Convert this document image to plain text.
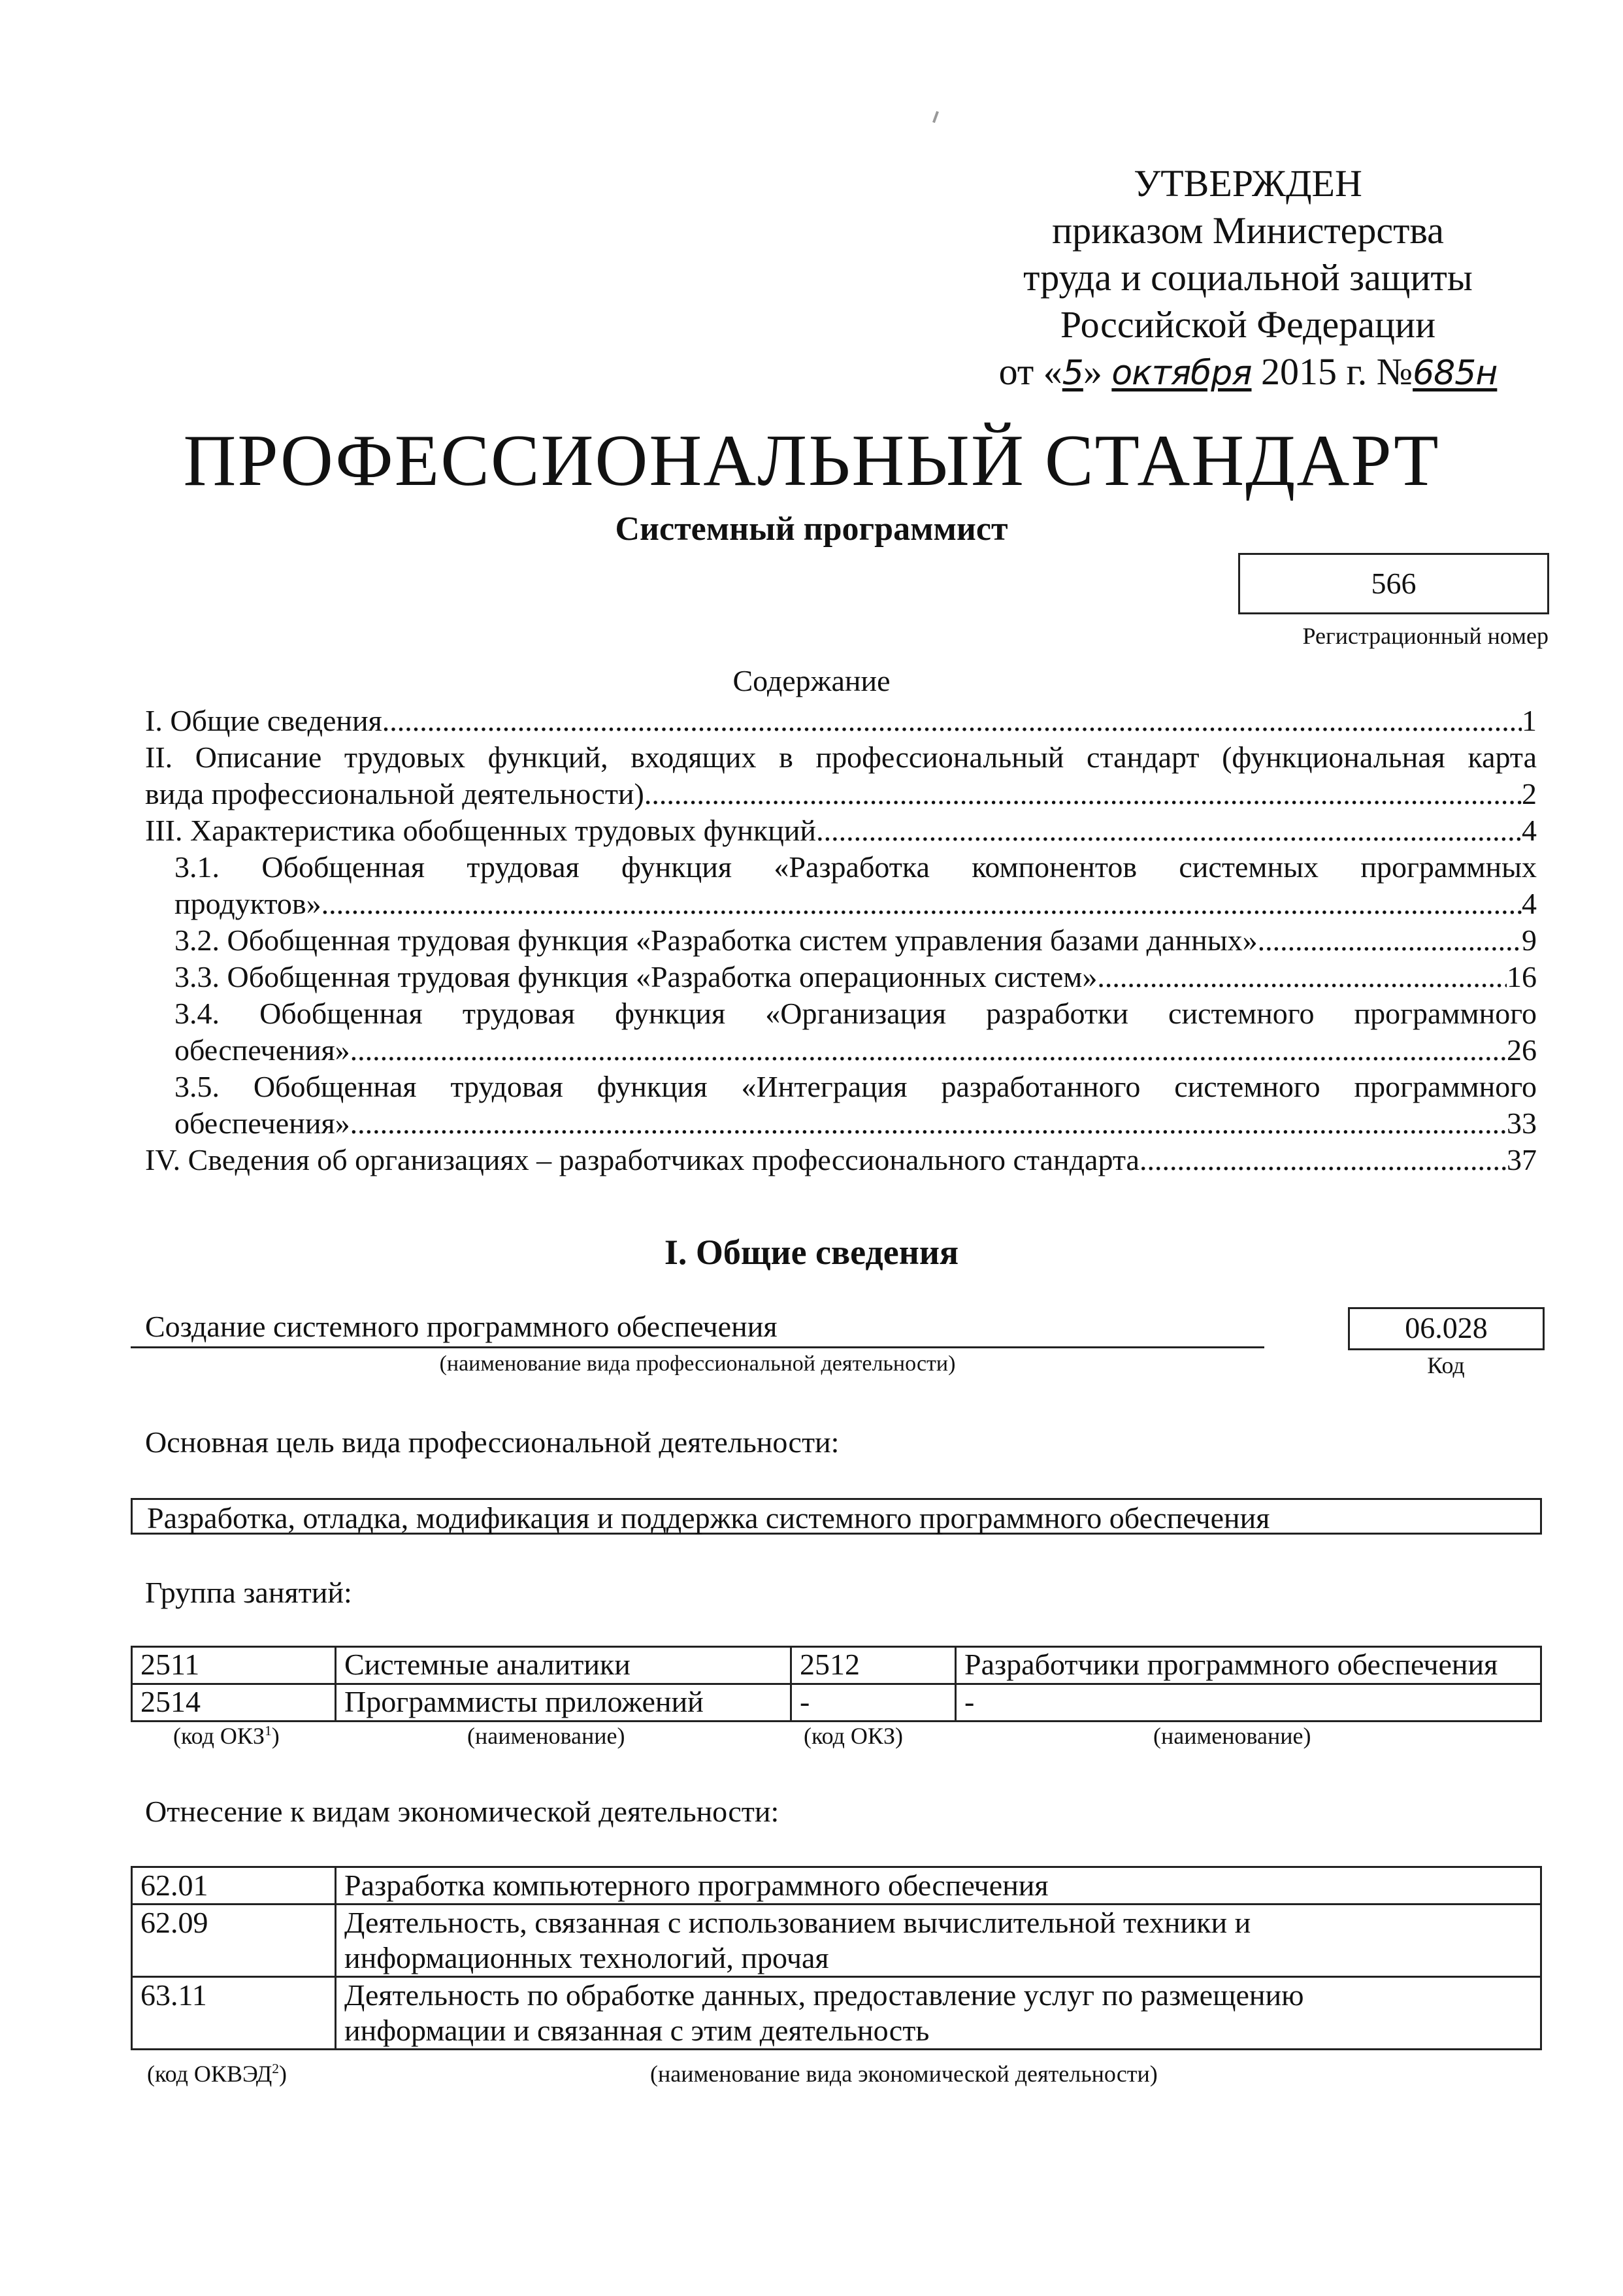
УТВЕРЖДЕН
приказом Министерства
труда и социальной защиты
Российской Федерации
от «5» октября 2015 г. №685н
ПРОФЕССИОНАЛЬНЫЙ СТАНДАРТ
Системный программист
566
Регистрационный номер
Содержание
I. Общие сведения .....	1
II. Описание трудовых функций, входящих в профессиональный стандарт (функциональная карта
вида профессиональной деятельности) .....	2
III. Характеристика обобщенных трудовых функций .....	4
3.1. Обобщенная трудовая функция «Разработка компонентов системных программных
продуктов» .....	4
3.2. Обобщенная трудовая функция «Разработка систем управления базами данных» .....	9
3.3. Обобщенная трудовая функция «Разработка операционных систем» .....	16
3.4. Обобщенная трудовая функция «Организация разработки системного программного
обеспечения» .....	26
3.5. Обобщенная трудовая функция «Интеграция разработанного системного программного
обеспечения» .....	33
IV. Сведения об организациях – разработчиках профессионального стандарта .....	37
I. Общие сведения
Создание системного программного обеспечения
(наименование вида профессиональной деятельности)
06.028
Код
Основная цель вида профессиональной деятельности:
Разработка, отладка, модификация и поддержка системного программного обеспечения
Группа занятий:
2511	Системные аналитики	2512	Разработчики программного обеспечения
2514	Программисты приложений	-	-
(код ОКЗ$^1$)	(наименование)	(код ОКЗ)	(наименование)
Отнесение к видам экономической деятельности:
62.01	Разработка компьютерного программного обеспечения

62.09	Деятельность, связанная с использованием вычислительной техники и
информационных технологий, прочая

63.11	Деятельность по обработке данных, предоставление услуг по размещению
информации и связанная с этим деятельность
(код ОКВЭД$^2$)	(наименование вида экономической деятельности)
